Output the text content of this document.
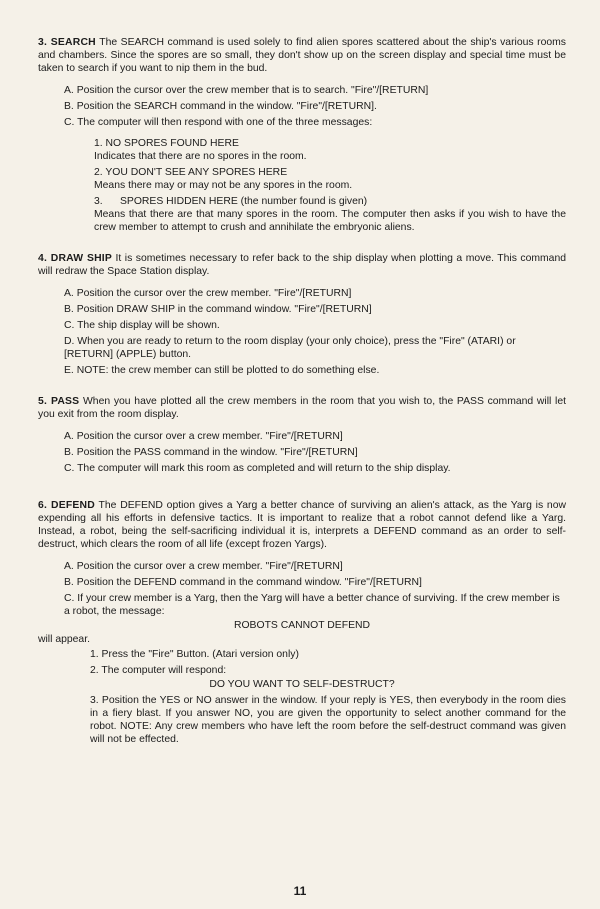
3. SEARCH The SEARCH command is used solely to find alien spores scattered about the ship's various rooms and chambers. Since the spores are so small, they don't show up on the screen display and special time must be taken to search if you want to nip them in the bud.

A. Position the cursor over the crew member that is to search. "Fire"/[RETURN]
B. Position the SEARCH command in the window. "Fire"/[RETURN].
C. The computer will then respond with one of the three messages:
1. NO SPORES FOUND HERE
Indicates that there are no spores in the room.
2. YOU DON'T SEE ANY SPORES HERE
Means there may or may not be any spores in the room.
3.      SPORES HIDDEN HERE (the number found is given)
Means that there are that many spores in the room. The computer then asks if you wish to have the crew member to attempt to crush and annihilate the embryonic aliens.

4. DRAW SHIP It is sometimes necessary to refer back to the ship display when plotting a move. This command will redraw the Space Station display.

A. Position the cursor over the crew member. "Fire"/[RETURN]
B. Position DRAW SHIP in the command window. "Fire"/[RETURN]
C. The ship display will be shown.
D. When you are ready to return to the room display (your only choice), press the "Fire" (ATARI) or [RETURN] (APPLE) button.
E. NOTE: the crew member can still be plotted to do something else.

5. PASS When you have plotted all the crew members in the room that you wish to, the PASS command will let you exit from the room display.

A. Position the cursor over a crew member. "Fire"/[RETURN]
B. Position the PASS command in the window. "Fire"/[RETURN]
C. The computer will mark this room as completed and will return to the ship display.

6. DEFEND The DEFEND option gives a Yarg a better chance of surviving an alien's attack, as the Yarg is now expending all his efforts in defensive tactics. It is important to realize that a robot cannot defend like a Yarg. Instead, a robot, being the self-sacrificing individual it is, interprets a DEFEND command as an order to self-destruct, which clears the room of all life (except frozen Yargs).

A. Position the cursor over a crew member. "Fire"/[RETURN]
B. Position the DEFEND command in the command window. "Fire"/[RETURN]
C. If your crew member is a Yarg, then the Yarg will have a better chance of surviving. If the crew member is a robot, the message:
ROBOTS CANNOT DEFEND
will appear.
1. Press the "Fire" Button. (Atari version only)
2. The computer will respond:
DO YOU WANT TO SELF-DESTRUCT?
3. Position the YES or NO answer in the window. If your reply is YES, then everybody in the room dies in a fiery blast. If you answer NO, you are given the opportunity to select another command for the robot. NOTE: Any crew members who have left the room before the self-destruct command was given will not be effected.
11
